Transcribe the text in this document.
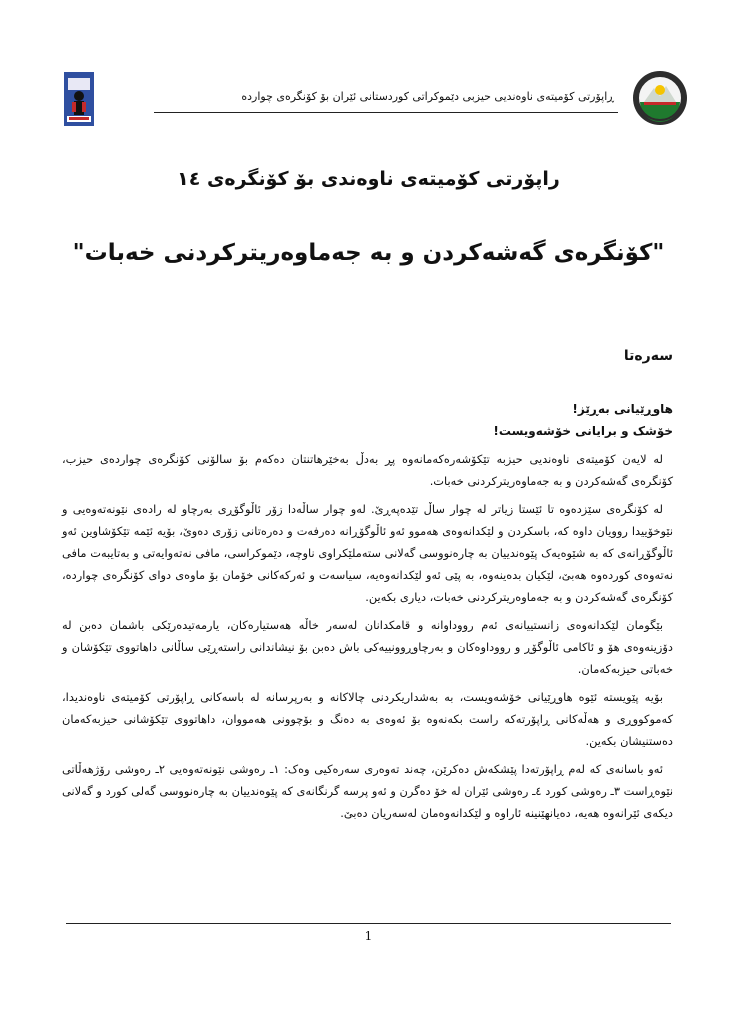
ڕاپۆرتی کۆمیتەی ناوەندیی حیزبی دێموکراتی کوردستانی ئێران بۆ کۆنگرەی چواردە
راپۆرتی کۆمیتەی ناوەندی بۆ کۆنگرەی ١٤
"کۆنگرەی گەشەکردن و بە جەماوەریترکردنی خەبات"
سەرەتا

هاوڕێیانی بەڕێز!

خۆشک و برایانی خۆشەویست!

لە لایەن کۆمیتەی ناوەندیی حیزبە تێکۆشەرەکەمانەوە پڕ بەدڵ بەخێرهاتنتان دەکەم بۆ سالۆنی کۆنگرەی چواردەی حیزب، کۆنگرەی گەشەکردن و بە جەماوەریترکردنی خەبات.

لە کۆنگرەی سێزدەوە تا ئێستا زیاتر لە چوار ساڵ تێدەپەڕێ. لەو چوار ساڵەدا زۆر ئاڵوگۆڕی بەرچاو لە رادەی نێونەتەوەیی و نێوخۆییدا روویان داوە کە، باسکردن و لێکدانەوەی هەموو ئەو ئاڵوگۆڕانە دەرفەت و دەرەتانی زۆری دەوێ، بۆیە ئێمە تێکۆشاوین ئەو ئاڵوگۆڕانەی کە بە شێوەیەک پێوەندییان بە چارەنووسی گەلانی ستەملێکراوی ناوچە، دێموکراسی، مافی نەتەوایەتی و بەتایبەت مافی نەتەوەی کوردەوە هەبێ، لێکیان بدەینەوە، بە پێی ئەو لێکدانەوەیە، سیاسەت و ئەرکەکانی خۆمان بۆ ماوەی دوای کۆنگرەی چواردە، کۆنگرەی گەشەکردن و بە جەماوەریترکردنی خەبات، دیاری بکەین.

بێگومان لێکدانەوەی زانستییانەی ئەم رووداوانە و قامکدانان لەسەر خاڵە هەستیارەکان، یارمەتیدەرێکی باشمان دەبن لە دۆزینەوەی هۆ و ئاکامی ئاڵوگۆڕ و رووداوەکان و بەرچاوڕوونییەکی باش دەبن بۆ نیشاندانی راستەڕێی ساڵانی داهاتووی تێکۆشان و خەباتی حیزبەکەمان.

بۆیە پێویستە ئێوە هاوڕێیانی خۆشەویست، بە بەشداریکردنی چالاکانە و بەرپرسانە لە باسەکانی ڕاپۆرتی کۆمیتەی ناوەندیدا، کەموکووڕی و هەڵەکانی ڕاپۆرتەکە راست بکەنەوە بۆ ئەوەی بە دەنگ و بۆچوونی هەمووان، داهاتووی تێکۆشانی حیزبەکەمان دەستنیشان بکەین.

ئەو باسانەی کە لەم ڕاپۆرتەدا پێشکەش دەکرێن، چەند تەوەری سەرەکیی وەک: ١ـ رەوشی نێونەتەوەیی ٢ـ رەوشی رۆژهەڵاتی نێوەڕاست ٣ـ رەوشی کورد ٤ـ رەوشی ئێران لە خۆ دەگرن و ئەو پرسە گرنگانەی کە پێوەندییان بە چارەنووسی گەلی کورد و گەلانی دیکەی ئێرانەوە هەیە، دەیانهێنینە ئاراوە و لێکدانەوەمان لەسەریان دەبێ.

1
